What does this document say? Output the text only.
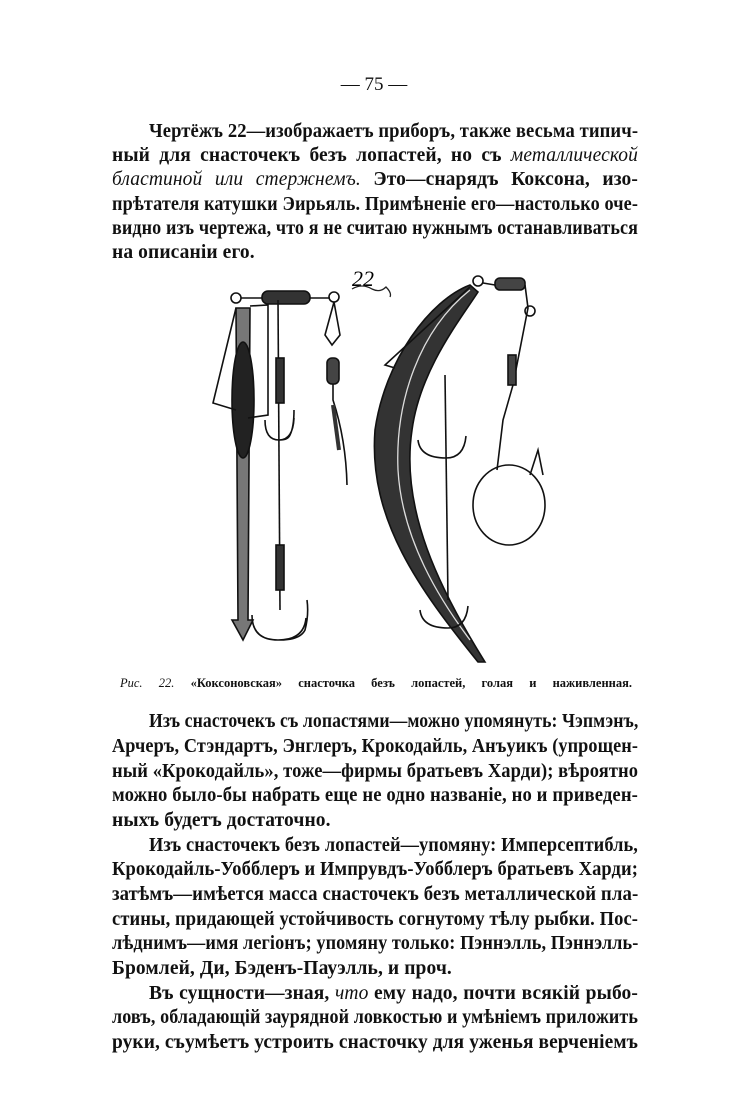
— 75 —
Чертёжъ 22—изображаетъ приборъ, также весьма типич-
ный для снасточекъ безъ лопастей, но съ металлической
бластиной или стержнемъ. Это—снарядъ Коксона, изо-
прѣтателя катушки Эирьяль. Примѣненіе его—настолько оче-
видно изъ чертежа, что я не считаю нужнымъ останавливаться
на описаніи его.
22
Рис. 22. «Коксоновская» снасточка безъ лопастей, голая и наживленная.
Изъ снасточекъ съ лопастями—можно упомянуть: Чэпмэнъ,
Арчеръ, Стэндартъ, Энглеръ, Крокодайль, Анъуикъ (упрощен-
ный «Крокодайль», тоже—фирмы братьевъ Харди); вѣроятно
можно было-бы набрать еще не одно названіе, но и приведен-
ныхъ будетъ достаточно.
Изъ снасточекъ безъ лопастей—упомяну: Имперсептибль,
Крокодайль-Уобблеръ и Импрувдъ-Уобблеръ братьевъ Харди;
затѣмъ—имѣется масса снасточекъ безъ металлической пла-
стины, придающей устойчивость согнутому тѣлу рыбки. Пос-
лѣднимъ—имя легіонъ; упомяну только: Пэннэлль, Пэннэлль-
Бромлей, Ди, Бэденъ-Пауэлль, и проч.
Въ сущности—зная, что ему надо, почти всякій рыбо-
ловъ, обладающій заурядной ловкостью и умѣніемъ приложить
руки, съумѣетъ устроить снасточку для уженья верченіемъ
